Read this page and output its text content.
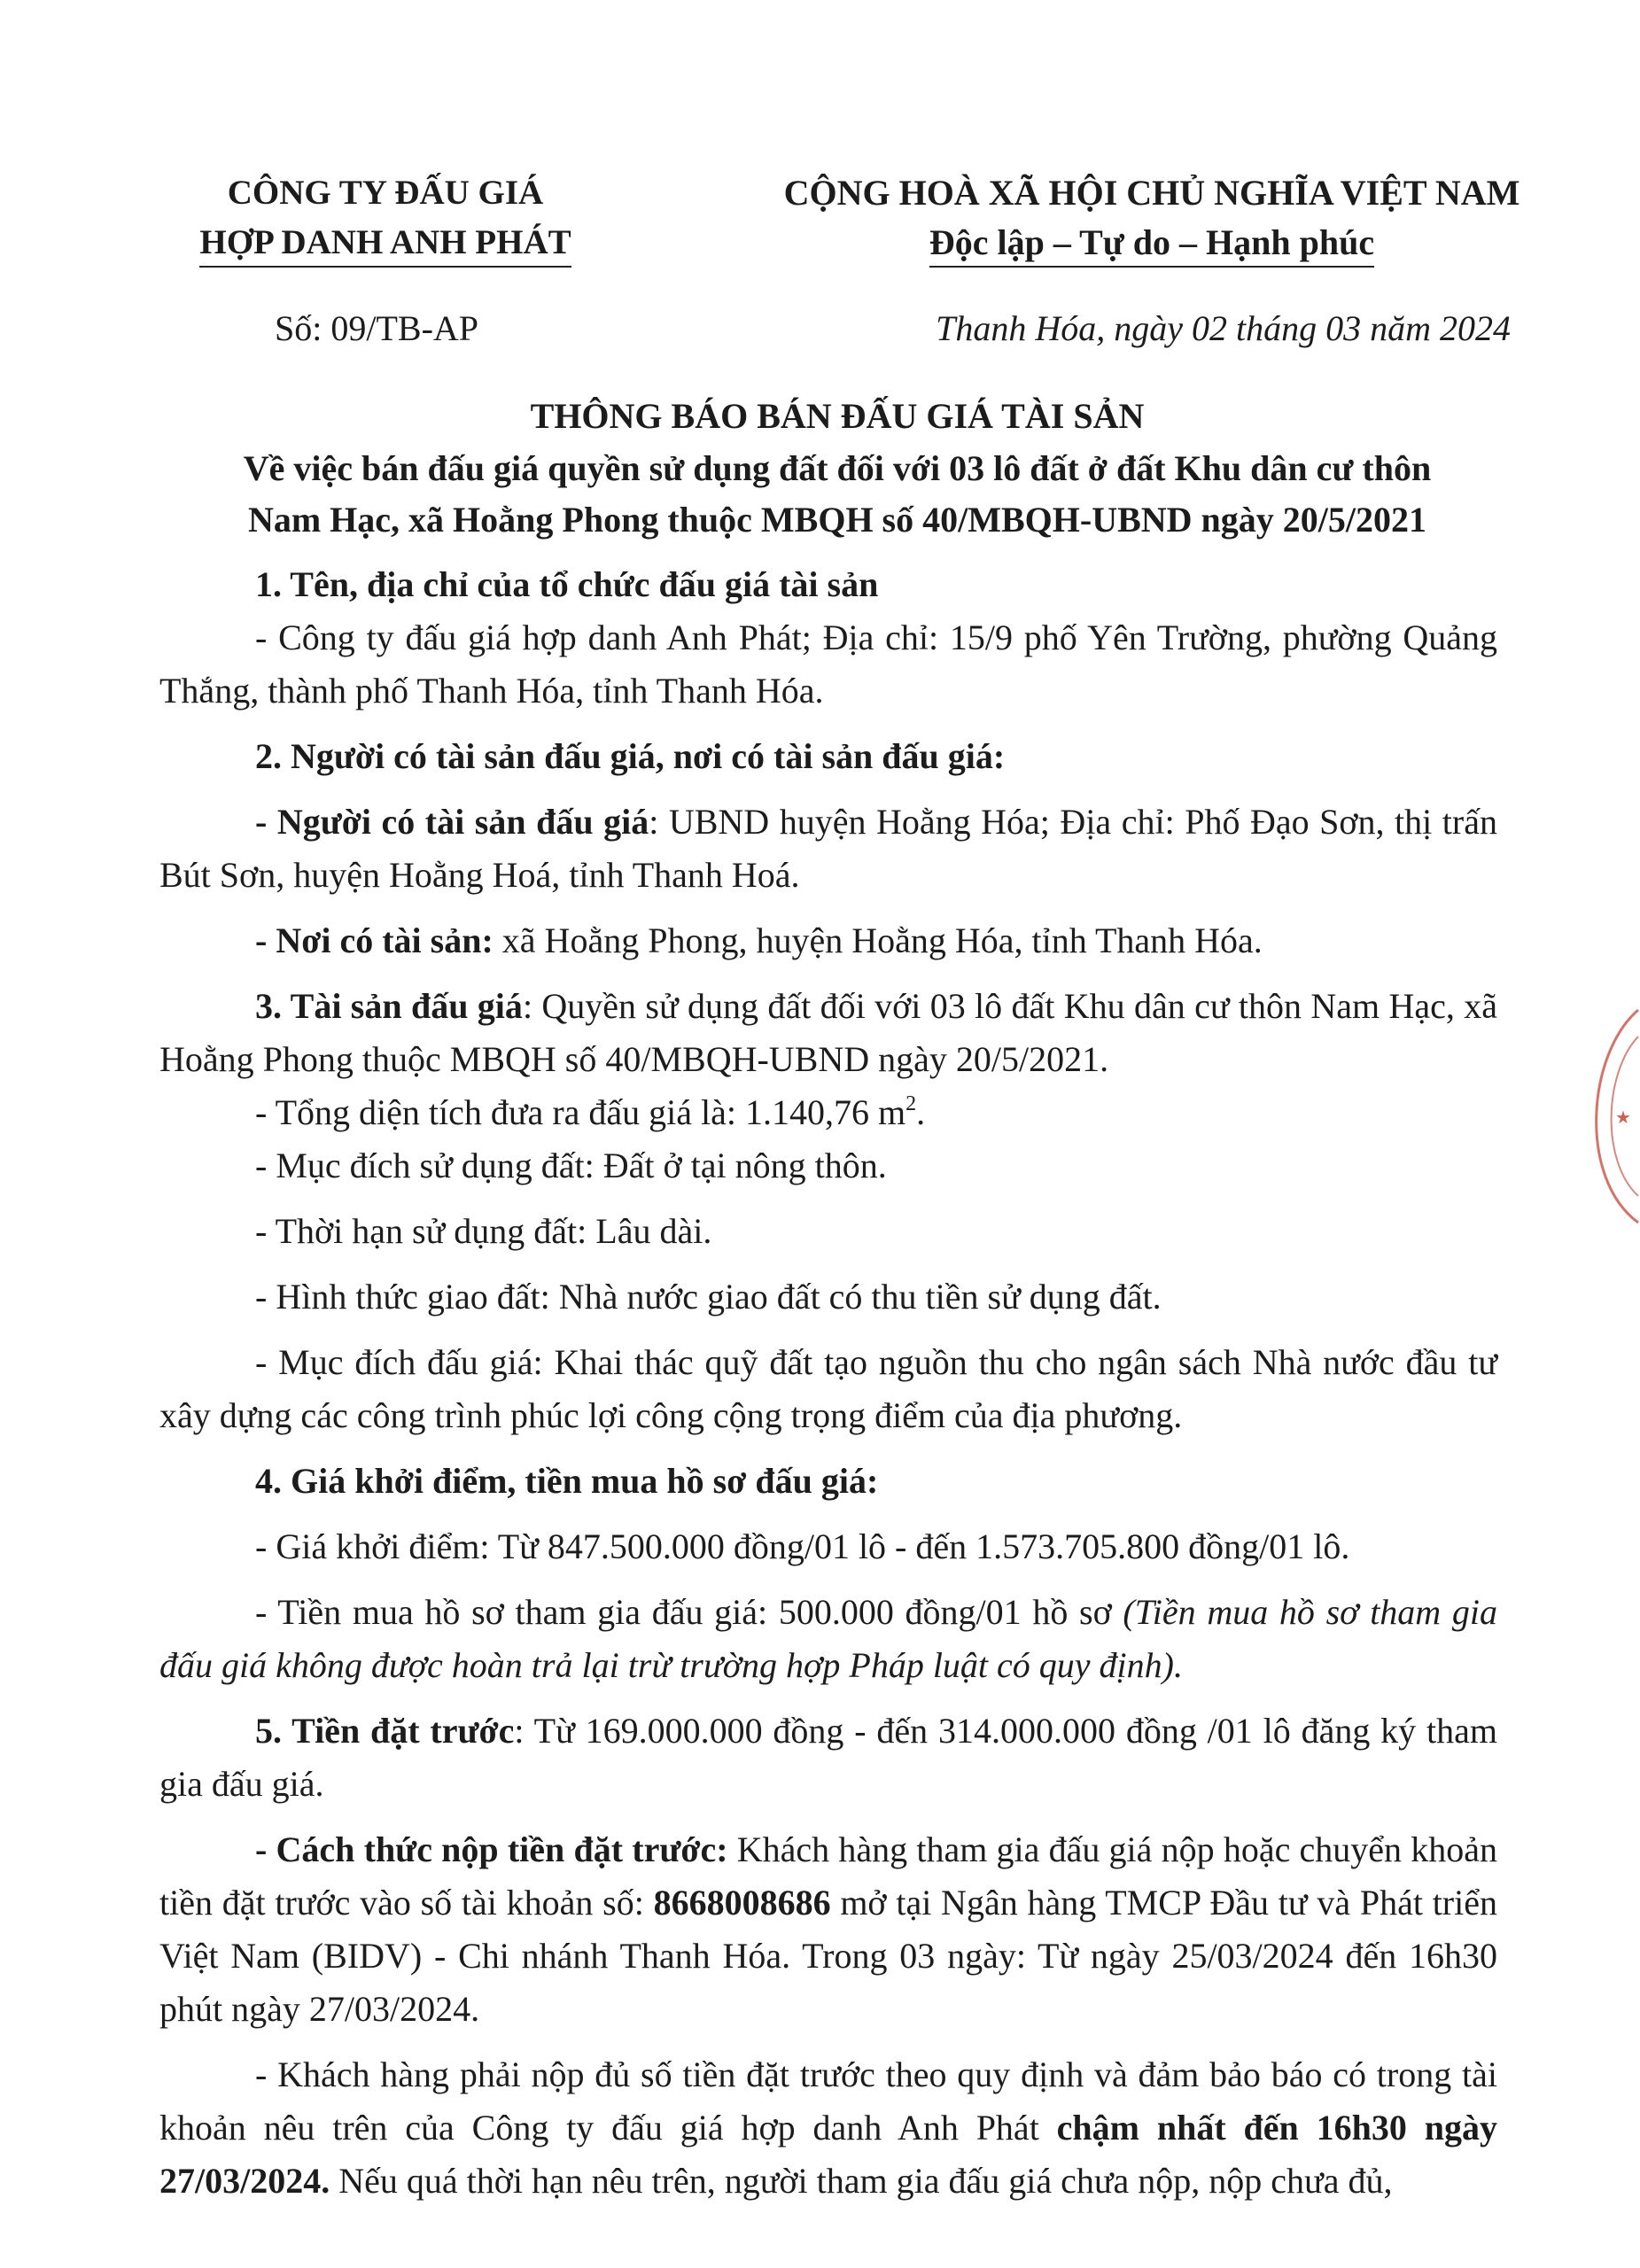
CÔNG TY ĐẤU GIÁ
HỢP DANH ANH PHÁT
CỘNG HOÀ XÃ HỘI CHỦ NGHĨA VIỆT NAM
Độc lập – Tự do – Hạnh phúc
Số: 09/TB-AP	Thanh Hóa, ngày 02 tháng 03 năm 2024
THÔNG BÁO BÁN ĐẤU GIÁ TÀI SẢN
Về việc bán đấu giá quyền sử dụng đất đối với 03 lô đất ở đất Khu dân cư thôn
Nam Hạc, xã Hoằng Phong thuộc MBQH số 40/MBQH-UBND ngày 20/5/2021

1. Tên, địa chỉ của tổ chức đấu giá tài sản

- Công ty đấu giá hợp danh Anh Phát; Địa chỉ: 15/9 phố Yên Trường, phường Quảng Thắng, thành phố Thanh Hóa, tỉnh Thanh Hóa.

2. Người có tài sản đấu giá, nơi có tài sản đấu giá:

- Người có tài sản đấu giá: UBND huyện Hoằng Hóa; Địa chỉ: Phố Đạo Sơn, thị trấn Bút Sơn, huyện Hoằng Hoá, tỉnh Thanh Hoá.

- Nơi có tài sản: xã Hoằng Phong, huyện Hoằng Hóa, tỉnh Thanh Hóa.

3. Tài sản đấu giá: Quyền sử dụng đất đối với 03 lô đất Khu dân cư thôn Nam Hạc, xã Hoằng Phong thuộc MBQH số 40/MBQH-UBND ngày 20/5/2021.

- Tổng diện tích đưa ra đấu giá là: 1.140,76 $m^2$.

- Mục đích sử dụng đất: Đất ở tại nông thôn.

- Thời hạn sử dụng đất: Lâu dài.

- Hình thức giao đất: Nhà nước giao đất có thu tiền sử dụng đất.

- Mục đích đấu giá: Khai thác quỹ đất tạo nguồn thu cho ngân sách Nhà nước đầu tư xây dựng các công trình phúc lợi công cộng trọng điểm của địa phương.

4. Giá khởi điểm, tiền mua hồ sơ đấu giá:

- Giá khởi điểm: Từ 847.500.000 đồng/01 lô - đến 1.573.705.800 đồng/01 lô.

- Tiền mua hồ sơ tham gia đấu giá: 500.000 đồng/01 hồ sơ (Tiền mua hồ sơ tham gia đấu giá không được hoàn trả lại trừ trường hợp Pháp luật có quy định).

5. Tiền đặt trước: Từ 169.000.000 đồng - đến 314.000.000 đồng /01 lô đăng ký tham gia đấu giá.

- Cách thức nộp tiền đặt trước: Khách hàng tham gia đấu giá nộp hoặc chuyển khoản tiền đặt trước vào số tài khoản số: 8668008686 mở tại Ngân hàng TMCP Đầu tư và Phát triển Việt Nam (BIDV) - Chi nhánh Thanh Hóa. Trong 03 ngày: Từ ngày 25/03/2024 đến 16h30 phút ngày 27/03/2024.

- Khách hàng phải nộp đủ số tiền đặt trước theo quy định và đảm bảo báo có trong tài khoản nêu trên của Công ty đấu giá hợp danh Anh Phát chậm nhất đến 16h30 ngày 27/03/2024. Nếu quá thời hạn nêu trên, người tham gia đấu giá chưa nộp, nộp chưa đủ,

★
